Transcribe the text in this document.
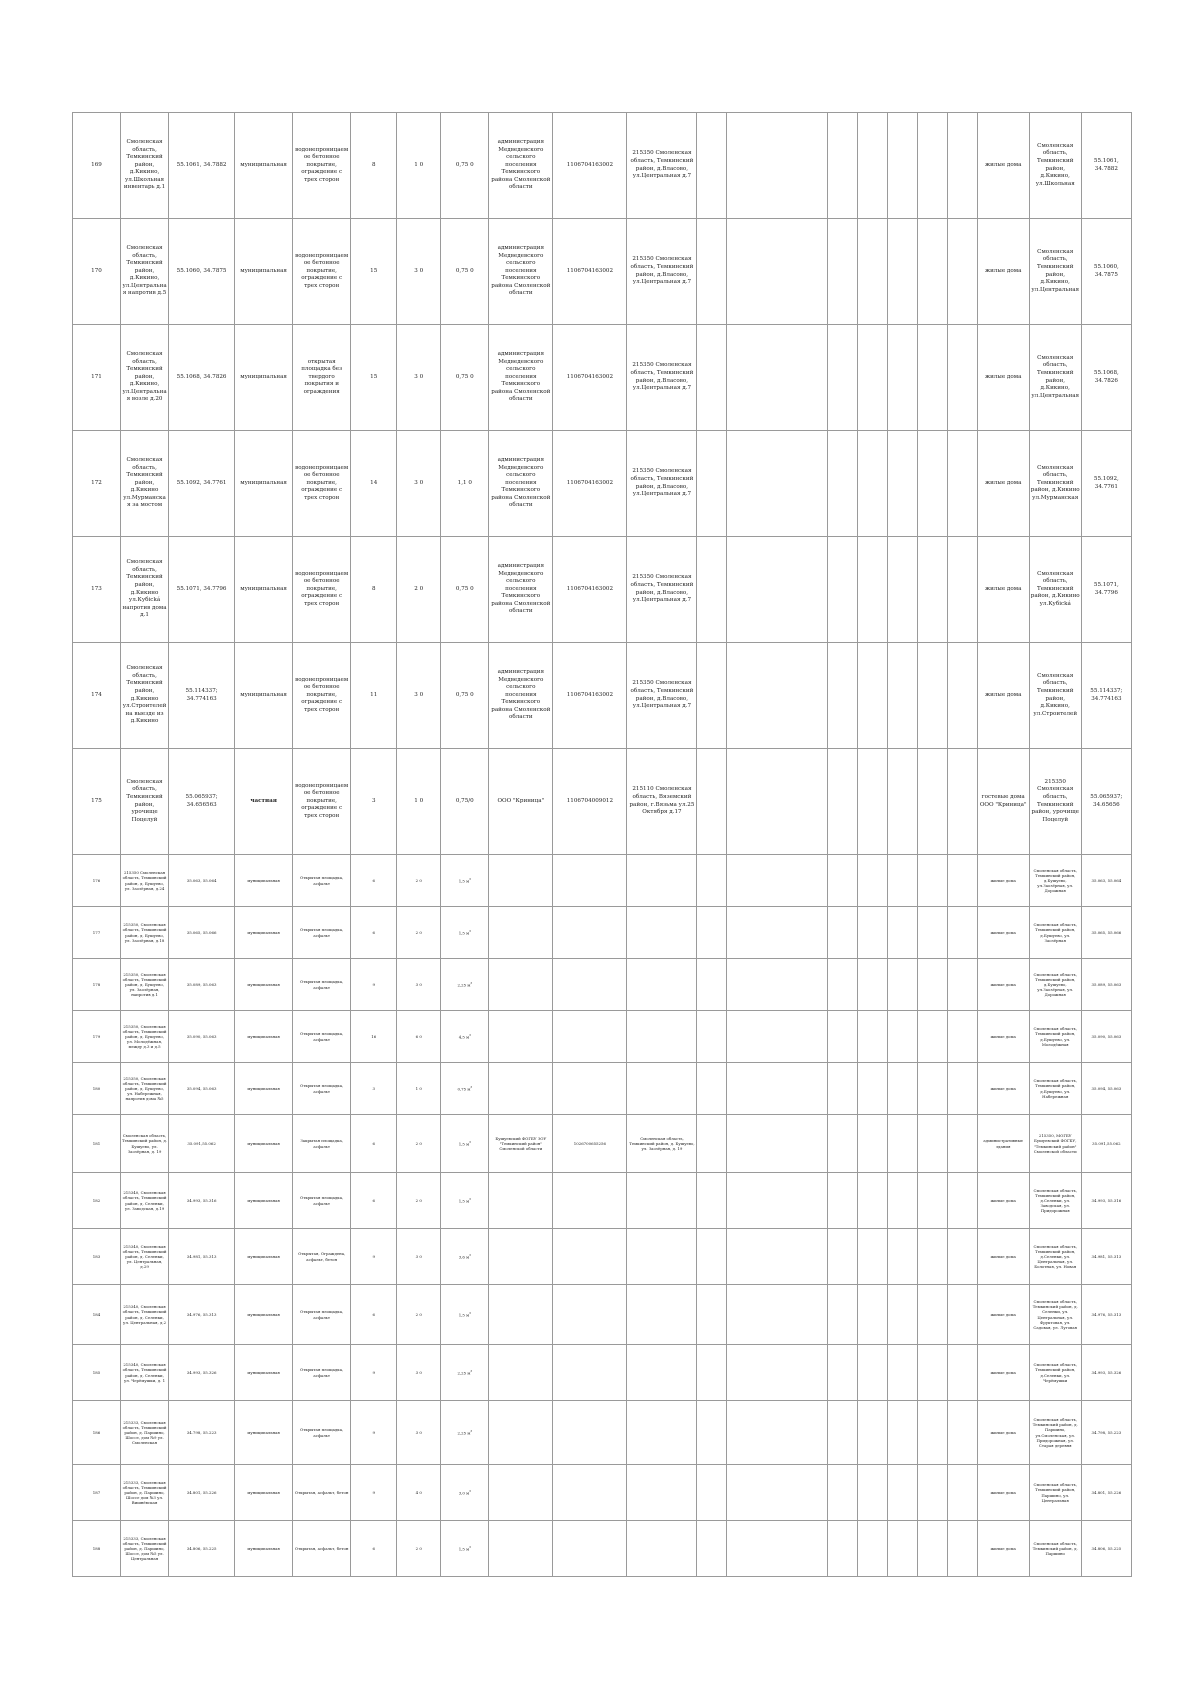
169	Смоленская область, Темкинский район, д.Кикино, ул.Школьная инвентарь д.1	55.1061, 34.7882	муниципальная	водонепроницаемое бетонное покрытие, ограждение с трех сторон	8	1 0	0,75 0	администрация Медведевского сельского поселения Темкинского района Смоленской области	1106704163002	215350 Смоленская область, Темкинский район, д.Власово, ул.Центральная д.7								жилые дома	Смоленская область, Темкинский район, д.Кикино, ул.Школьная	55.1061, 34.7882
170	Смоленская область, Темкинский район, д.Кикино, ул.Центральная напротив д.5	55.1060, 34.7875	муниципальная	водонепроницаемое бетонное покрытие, ограждение с трех сторон	15	3 0	0,75 0	администрация Медведевского сельского поселения Темкинского района Смоленской области	1106704163002	215350 Смоленская область, Темкинский район, д.Власово, ул.Центральная д.7								жилые дома	Смоленская область, Темкинский район, д.Кикино, ул.Центральная	55.1060, 34.7875
171	Смоленская область, Темкинский район, д.Кикино, ул.Центральная возле д.20	55.1068, 34.7826	муниципальная	открытая площадка без твердого покрытия и ограждения	15	3 0	0,75 0	администрация Медведевского сельского поселения Темкинского района Смоленской области	1106704163002	215350 Смоленская область, Темкинский район, д.Власово, ул.Центральная д.7								жилые дома	Смоленская область, Темкинский район, д.Кикино, ул.Центральная	55.1068, 34.7826
172	Смоленская область, Темкинский район, д.Кикино ул.Мурманская за мостом	55.1092, 34.7761	муниципальная	водонепроницаемое бетонное покрытие, ограждение с трех сторон	14	3 0	1,1 0	администрация Медведевского сельского поселения Темкинского района Смоленской области	1106704163002	215350 Смоленская область, Темкинский район, д.Власово, ул.Центральная д.7								жилые дома	Смоленская область, Темкинский район, д.Кикино ул.Мурманская	55.1092, 34.7761
173	Смоленская область, Темкинский район, д.Кикино ул.Кубická напротив дома д.1	55.1071, 34.7796	муниципальная	водонепроницаемое бетонное покрытие, ограждение с трех сторон	8	2 0	0,75 0	администрация Медведевского сельского поселения Темкинского района Смоленской области	1106704163002	215350 Смоленская область, Темкинский район, д.Власово, ул.Центральная д.7								жилые дома	Смоленская область, Темкинский район, д.Кикино ул.Кубická	55.1071, 34.7796
174	Смоленская область, Темкинский район, д.Кикино ул.Строителей на выезде из д.Кикино	55.114337; 34.774163	муниципальная	водонепроницаемое бетонное покрытие, ограждение с трех сторон	11	3 0	0,75 0	администрация Медведевского сельского поселения Темкинского района Смоленской области	1106704163002	215350 Смоленская область, Темкинский район, д.Власово, ул.Центральная д.7								жилые дома	Смоленская область, Темкинский район, д.Кикино, ул.Строителей	55.114337; 34.774163
175	Смоленская область, Темкинский район, урочище Поцелуй	55.065937; 34.656563	частная	водонепроницаемое бетонное покрытие, ограждение с трех сторон	3	1 0	0,75/0	ООО "Криница"	1106704009012	215110 Смоленская область, Вяземский район, г.Вязьма ул.25 Октября д.17								гостевые дома ООО "Криница"	215350 Смоленская область, Темкинский район, урочище Поцелуй	55.065937; 34.65656
176	215350 Смоленская область, Темкинский район, д. Бушуево, ул. Заозёрная, д.24	35.063, 55.064	муниципальная	Открытая площадка, асфальт	6	2 0	1,5 $м^3$											жилые дома	Смоленская область, Темкинский район, д.Бушуево, ул.Заозёрная, ул. Дорожная	35.063, 55.064
177	215350, Смоленская область, Темкинский район, д. Бушуево, ул. Заозёрная, д.18	35.065, 55.066	муниципальная	Открытая площадка, асфальт	6	2 0	1,5 $м^3$											жилые дома	Смоленская область, Темкинский район, д.Бушуево, ул. Заозёрная	35.065, 55.066
178	215350, Смоленская область, Темкинский район, д. Бушуево, ул. Заозёрная, напротив д.1	35.089, 55.063	муниципальная	Открытая площадка, асфальт	9	3 0	2,25 $м^3$											жилые дома	Смоленская область, Темкинский район, д.Бушуево, ул.Заозёрная, ул. Дорожная	35.089, 55.063
179	215350, Смоленская область, Темкинский район, д. Бушуево, ул. Молодёжная, между д.3 и д.5	35.090, 55.063	муниципальная	Открытая площадка, асфальт	16	6 0	4,5 $м^3$											жилые дома	Смоленская область, Темкинский район, д.Бушуево, ул. Молодёжная	35.090, 55.063
180	215350, Смоленская область, Темкинский район, д. Бушуево, ул. Набережная, напротив дома №5	35.094, 55.063	муниципальная	Открытая площадка, асфальт	3	1 0	0,75 $м^3$											жилые дома	Смоленская область, Темкинский район, д.Бушуево, ул. Набережная	35.094, 55.063
181	Смоленская область, Темкинский район, д. Бушуево, ул. Заозёрная, д. 19	35.091,55.062	муниципальная	Закрытая площадка, асфальт	6	2 0	1,5 $м^3$	Бушуевский ФОГБУ ЗОУ "Темкинский район" Смоленской области	1026700655256	Смоленская область, Темкинский район, д. Бушуево, ул. Заозёрная, д. 19								административные здания	215350, МОГБУ Бушуевский ФОГБУ, "Темкинский район" Смоленской области	35.091,55.062
182	215340, Смоленская область, Темкинский район, д. Селенки, ул. Заводская, д.19	34.993, 55.316	муниципальная	Открытая площадка, асфальт	6	2 0	1,5 $м^3$											жилые дома	Смоленская область, Темкинский район, д.Селенки, ул. Заводская, ул. Придорожная	34.993, 55.316
183	215340, Смоленская область, Темкинский район, д. Селенки, ул. Центральная, д.29	34.981, 55.313	муниципальная	Открытая, Ограждена, асфальт, бетон	9	3 0	3,6 $м^3$											жилые дома	Смоленская область, Темкинский район, д.Селенки, ул. Центральная, ул. Болотная, ул. Новая	34.981, 55.313
184	215340, Смоленская область, Темкинский район, д. Селенки, ул. Центральная, д.2	34.976, 55.313	муниципальная	Открытая площадка, асфальт	6	2 0	1,5 $м^3$											жилые дома	Смоленская область, Темкинский район, д. Селенки, ул. Центральная, ул. Фруктовая, ул. Садовая, ул. Луговая	34.976, 55.313
185	215340, Смоленская область, Темкинский район, д. Селенки, ул. Черёмушки, д. 1	34.993, 55.326	муниципальная	Открытая площадка, асфальт	9	3 0	2,25 $м^3$											жилые дома	Смоленская область, Темкинский район, д.Селенки, ул. Черёмушки	34.993, 55.326
186	215333, Смоленская область, Темкинский район, д. Паршино, Шоссе, дом №9 ул. Смоленская	34.798, 55.223	муниципальная	Открытая площадка, асфальт	9	3 0	2,25 $м^3$											жилые дома	Смоленская область, Темкинский район, д. Паршино, ул.Смоленская, ул. Придорожная, ул. Старая деревня	34.798, 55.223
187	215333, Смоленская область, Темкинский район, д. Паршино, Шоссе дом №3 ул. Вишнёвская	34.801, 55.226	муниципальная	Открытая, асфальт, бетон	9	4 0	3,0 $м^3$											жилые дома	Смоленская область, Темкинский район, Паршино, ул. Центральная	34.801, 55.226
188	215333, Смоленская область, Темкинский район, д. Паршино, Шоссе, дом №5 ул. Центральная	34.806, 55.225	муниципальная	Открытая, асфальт, бетон	6	2 0	1,5 $м^3$											жилые дома	Смоленская область, Темкинский район, д. Паршино	34.806, 55.225
